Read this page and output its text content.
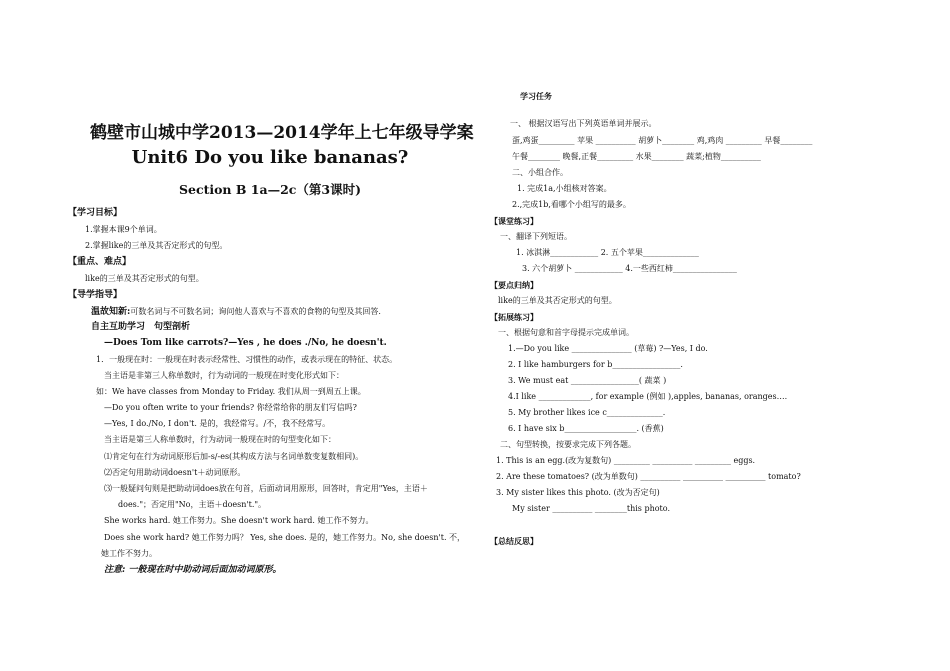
鹤壁市山城中学2013—2014学年上七年级导学案
Unit6 Do you like bananas?
Section B 1a—2c（第3课时)
【学习目标】
1.掌握本课9个单词。
2.掌握like的三单及其否定形式的句型。
【重点、难点】
like的三单及其否定形式的句型。
【导学指导】
温故知新:可数名词与不可数名词；询问他人喜欢与不喜欢的食物的句型及其回答.
自主互助学习　句型剖析
—Does Tom like carrots?—Yes , he does ./No, he doesn't.
1．一般现在时：一般现在时表示经常性、习惯性的动作，或表示现在的特征、状态。
当主语是非第三人称单数时，行为动词的一般现在时变化形式如下：
如：We have classes from Monday to Friday. 我们从周一到周五上课。
—Do you often write to your friends? 你经常给你的朋友们写信吗?
—Yes, I do./No, I don't. 是的，我经常写。/不，我不经常写。
当主语是第三人称单数时，行为动词一般现在时的句型变化如下：
⑴肯定句在行为动词原形后加-s/-es(其构成方法与名词单数变复数相同)。
⑵否定句用助动词doesn't＋动词原形。
⑶一般疑问句则是把助动词does放在句首，后面动词用原形，回答时，肯定用"Yes，主语＋
does."；否定用"No，主语＋doesn't."。
She works hard. 她工作努力。She doesn't work hard. 她工作不努力。
Does she work hard? 她工作努力吗？ Yes, she does. 是的，她工作努力。No, she doesn't. 不，
她工作不努力。
注意: 一般现在时中助动词后面加动词原形。
学习任务
一、 根据汉语写出下列英语单词并展示。
蛋,鸡蛋_________ 苹果 __________ 胡萝卜________ 鸡,鸡肉 _________ 早餐________
午餐________ 晚餐,正餐_________ 水果________ 蔬菜;植物__________
二、小组合作。
1. 完成1a,小组核对答案。
2.,完成1b,看哪个小组写的最多。
【课堂练习】
一、翻译下列短语。
1. 冰淇淋____________ 2. 五个苹果______________
3. 六个胡萝卜 ____________ 4.一些西红柿________________
【要点归纳】
like的三单及其否定形式的句型。
【拓展练习】
一、根据句意和首字母提示完成单词。
1.—Do you like _______________ (草莓) ?—Yes, I do.
2. I like hamburgers for b_________________.
3. We must eat _________________( 蔬菜 )
4.I like _____________, for example (例如 ),apples, bananas, oranges….
5. My brother likes ice c______________.
6. I have six b__________________. (香蕉)
二、句型转换，按要求完成下列各题。
1. This is an egg.(改为复数句) _________ __________ _________ eggs.
2. Are these tomatoes? (改为单数句) __________ __________ __________ tomato?
3. My sister likes this photo. (改为否定句)
My sister __________ ________this photo.
【总结反思】
